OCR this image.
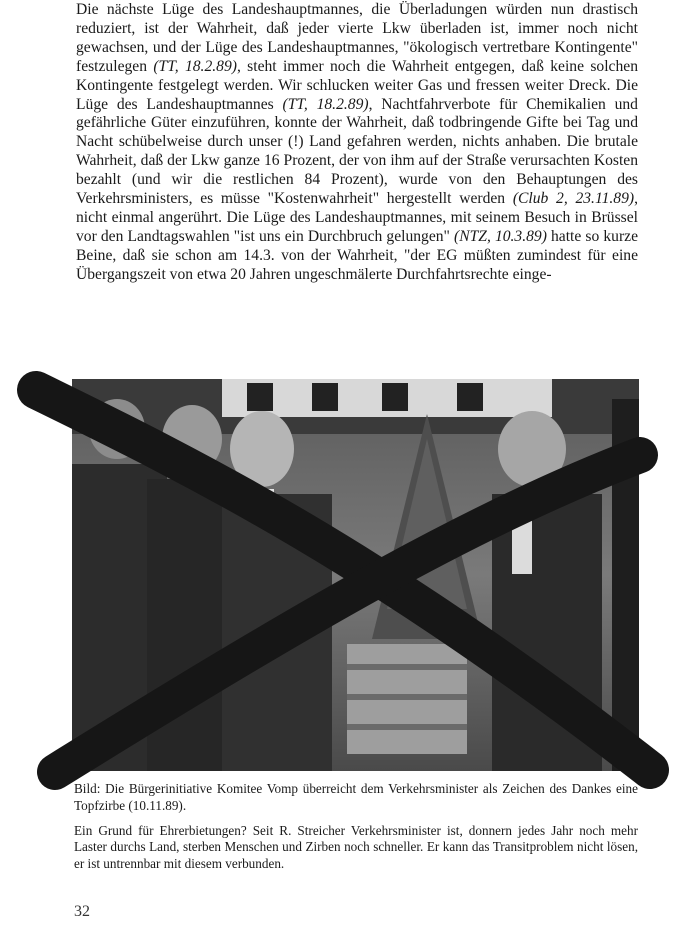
Die nächste Lüge des Landeshauptmannes, die Überladungen würden nun drastisch reduziert, ist der Wahrheit, daß jeder vierte Lkw überladen ist, immer noch nicht gewachsen, und der Lüge des Landeshauptmannes, "ökologisch vertretbare Kontingente" festzulegen (TT, 18.2.89), steht immer noch die Wahrheit entgegen, daß keine solchen Kontingente festgelegt werden. Wir schlucken weiter Gas und fressen weiter Dreck. Die Lüge des Landeshauptmannes (TT, 18.2.89), Nachtfahrverbote für Chemikalien und gefährliche Güter einzuführen, konnte der Wahrheit, daß todbringende Gifte bei Tag und Nacht schübelweise durch unser (!) Land gefahren werden, nichts anhaben. Die brutale Wahrheit, daß der Lkw ganze 16 Prozent, der von ihm auf der Straße verursachten Kosten bezahlt (und wir die restlichen 84 Prozent), wurde von den Behauptungen des Verkehrsministers, es müsse "Kostenwahrheit" hergestellt werden (Club 2, 23.11.89), nicht einmal angerührt. Die Lüge des Landeshauptmannes, mit seinem Besuch in Brüssel vor den Landtagswahlen "ist uns ein Durchbruch gelungen" (NTZ, 10.3.89) hatte so kurze Beine, daß sie schon am 14.3. von der Wahrheit, "der EG müßten zumindest für eine Übergangszeit von etwa 20 Jahren ungeschmälerte Durchfahrtsrechte einge-

Bild: Die Bürgerinitiative Komitee Vomp überreicht dem Verkehrsminister als Zeichen des Dankes eine Topfzirbe (10.11.89).

Ein Grund für Ehrerbietungen? Seit R. Streicher Verkehrsminister ist, donnern jedes Jahr noch mehr Laster durchs Land, sterben Menschen und Zirben noch schneller. Er kann das Transitproblem nicht lösen, er ist untrennbar mit diesem verbunden.

32
